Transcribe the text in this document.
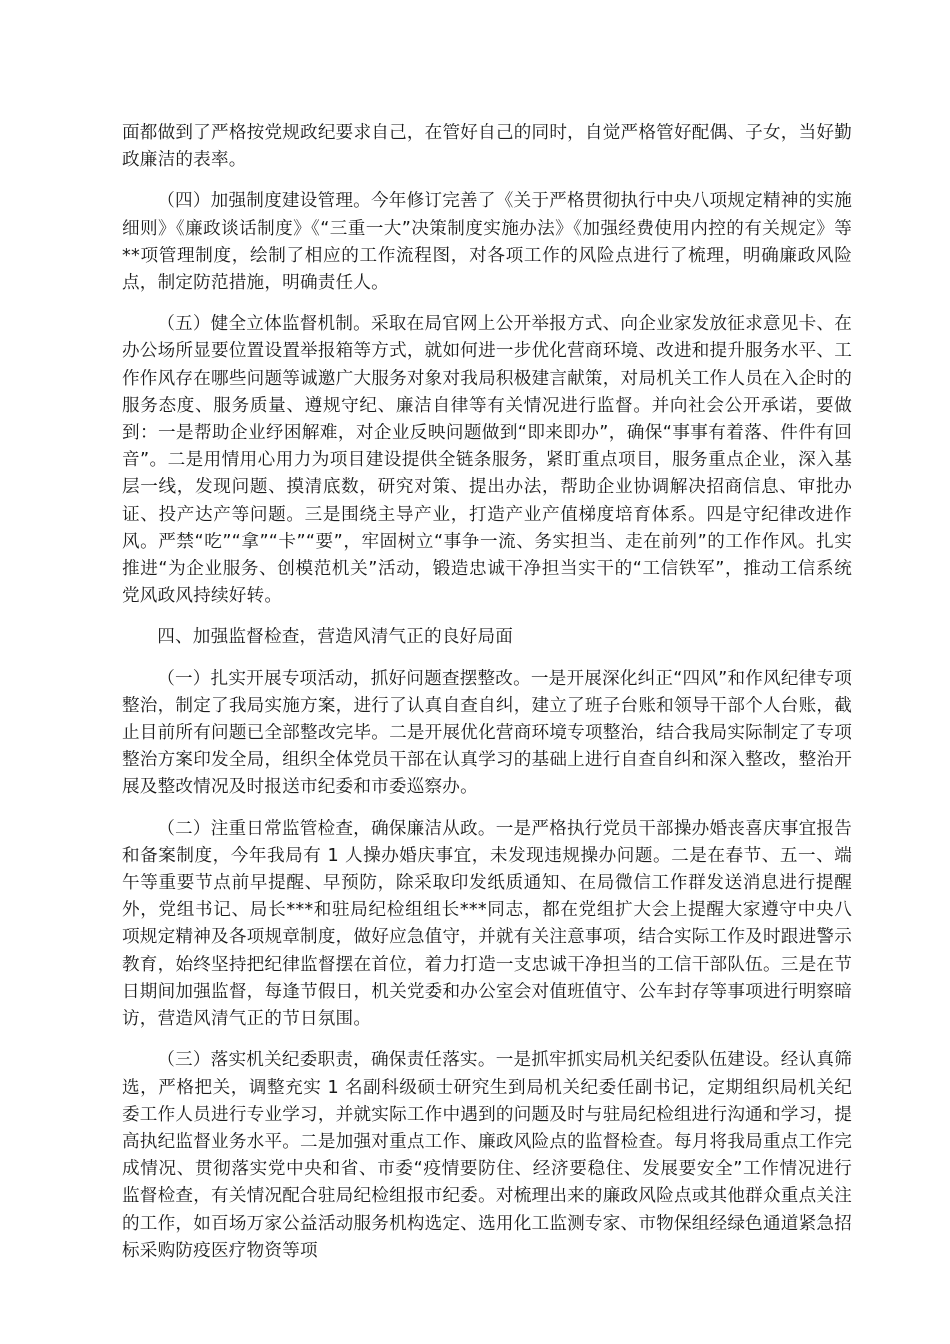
面都做到了严格按党规政纪要求自己，在管好自己的同时，自觉严格管好配偶、子女，当好勤政廉洁的表率。

（四）加强制度建设管理。今年修订完善了《关于严格贯彻执行中央八项规定精神的实施细则》《廉政谈话制度》《“三重一大”决策制度实施办法》《加强经费使用内控的有关规定》等**项管理制度，绘制了相应的工作流程图，对各项工作的风险点进行了梳理，明确廉政风险点，制定防范措施，明确责任人。

（五）健全立体监督机制。采取在局官网上公开举报方式、向企业家发放征求意见卡、在办公场所显要位置设置举报箱等方式，就如何进一步优化营商环境、改进和提升服务水平、工作作风存在哪些问题等诚邀广大服务对象对我局积极建言献策，对局机关工作人员在入企时的服务态度、服务质量、遵规守纪、廉洁自律等有关情况进行监督。并向社会公开承诺，要做到：一是帮助企业纾困解难，对企业反映问题做到“即来即办”，确保“事事有着落、件件有回音”。二是用情用心用力为项目建设提供全链条服务，紧盯重点项目，服务重点企业，深入基层一线，发现问题、摸清底数，研究对策、提出办法，帮助企业协调解决招商信息、审批办证、投产达产等问题。三是围绕主导产业，打造产业产值梯度培育体系。四是守纪律改进作风。严禁“吃”“拿”“卡”“要”，牢固树立“事争一流、务实担当、走在前列”的工作作风。扎实推进“为企业服务、创模范机关”活动，锻造忠诚干净担当实干的“工信铁军”，推动工信系统党风政风持续好转。

四、加强监督检查，营造风清气正的良好局面

（一）扎实开展专项活动，抓好问题查摆整改。一是开展深化纠正“四风”和作风纪律专项整治，制定了我局实施方案，进行了认真自查自纠，建立了班子台账和领导干部个人台账，截止目前所有问题已全部整改完毕。二是开展优化营商环境专项整治，结合我局实际制定了专项整治方案印发全局，组织全体党员干部在认真学习的基础上进行自查自纠和深入整改，整治开展及整改情况及时报送市纪委和市委巡察办。

（二）注重日常监管检查，确保廉洁从政。一是严格执行党员干部操办婚丧喜庆事宜报告和备案制度，今年我局有 1 人操办婚庆事宜，未发现违规操办问题。二是在春节、五一、端午等重要节点前早提醒、早预防，除采取印发纸质通知、在局微信工作群发送消息进行提醒外，党组书记、局长***和驻局纪检组组长***同志，都在党组扩大会上提醒大家遵守中央八项规定精神及各项规章制度，做好应急值守，并就有关注意事项，结合实际工作及时跟进警示教育，始终坚持把纪律监督摆在首位，着力打造一支忠诚干净担当的工信干部队伍。三是在节日期间加强监督，每逢节假日，机关党委和办公室会对值班值守、公车封存等事项进行明察暗访，营造风清气正的节日氛围。

（三）落实机关纪委职责，确保责任落实。一是抓牢抓实局机关纪委队伍建设。经认真筛选，严格把关，调整充实 1 名副科级硕士研究生到局机关纪委任副书记，定期组织局机关纪委工作人员进行专业学习，并就实际工作中遇到的问题及时与驻局纪检组进行沟通和学习，提高执纪监督业务水平。二是加强对重点工作、廉政风险点的监督检查。每月将我局重点工作完成情况、贯彻落实党中央和省、市委“疫情要防住、经济要稳住、发展要安全”工作情况进行监督检查，有关情况配合驻局纪检组报市纪委。对梳理出来的廉政风险点或其他群众重点关注的工作，如百场万家公益活动服务机构选定、选用化工监测专家、市物保组经绿色通道紧急招标采购防疫医疗物资等项
